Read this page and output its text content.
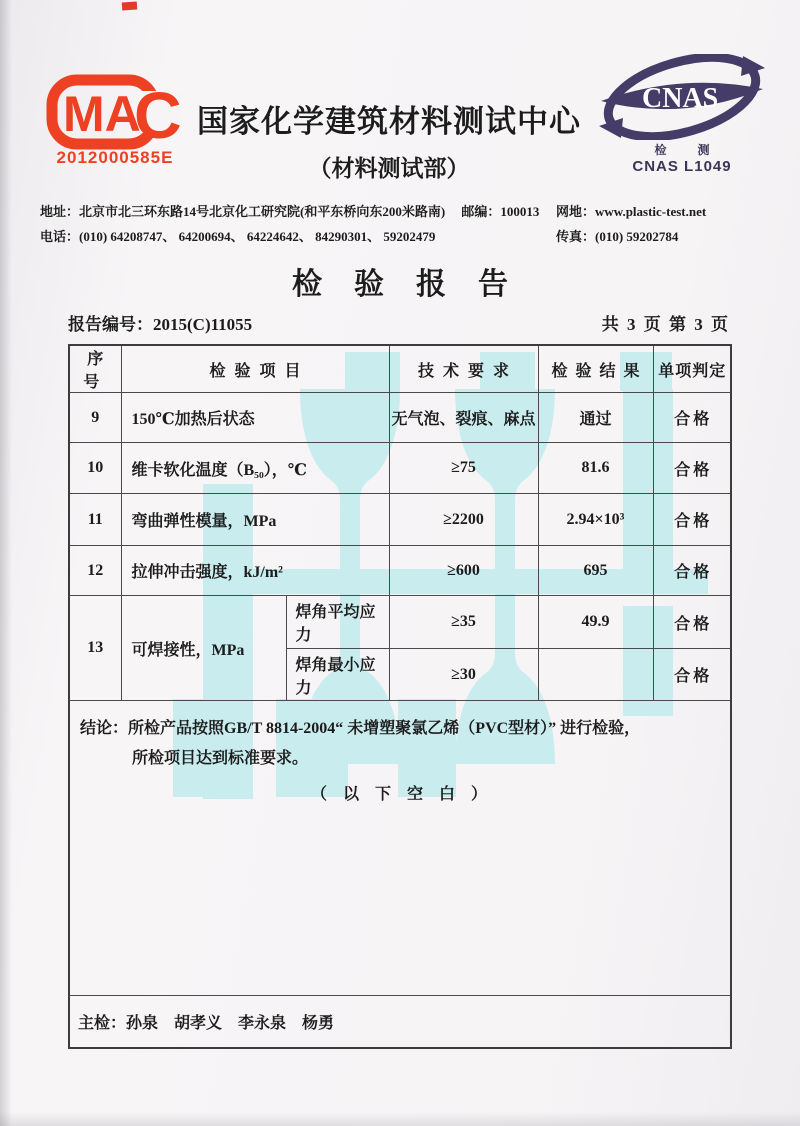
MA
C
2012000585E
国家化学建筑材料测试中心
（材料测试部）
CNAS
检 测
CNAS L1049
地址：北京市北三环东路14号北京化工研究院(和平东桥向东200米路南)　 邮编：100013
电话：(010) 64208747、 64200694、 64224642、 84290301、 59202479
网地：www.plastic-test.net
传真：(010) 59202784
检验报告
报告编号：2015(C)11055	共 3 页 第 3 页
序号	检验项目		技术要求	检验结果	单项判定
9	150℃加热后状态		无气泡、裂痕、麻点	通过	合格
10	维卡软化温度（B₅₀），℃		≥75	81.6	合格
11	弯曲弹性模量，MPa		≥2200	2.94×10³	合格
12	拉伸冲击强度，kJ/m²		≥600	695	合格
13	可焊接性，MPa	焊角平均应力	≥35	49.9	合格
		焊角最小应力	≥30		合格

结论：所检产品按照GB/T 8814-2004“ 未增塑聚氯乙烯（PVC型材）” 进行检验，
所检项目达到标准要求。
（以下空白）					

主检：孙泉　胡孝义　李永泉　杨勇					
